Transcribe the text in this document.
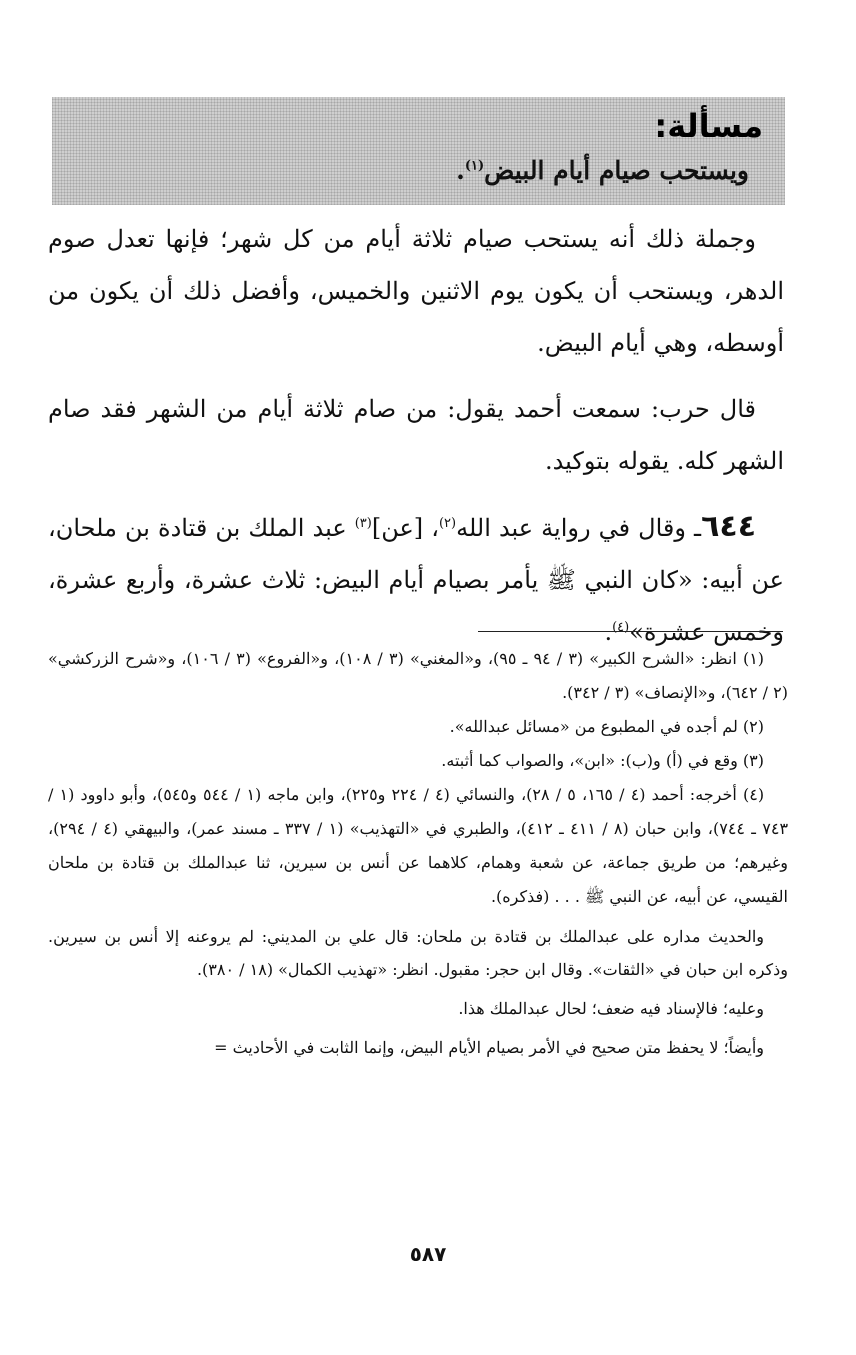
مسألة:
ويستحب صيام أيام البيض$^{(١)}$.

وجملة ذلك أنه يستحب صيام ثلاثة أيام من كل شهر؛ فإنها تعدل صوم الدهر، ويستحب أن يكون يوم الاثنين والخميس، وأفضل ذلك أن يكون من أوسطه، وهي أيام البيض.

قال حرب: سمعت أحمد يقول: من صام ثلاثة أيام من الشهر فقد صام الشهر كله. يقوله بتوكيد.

٦٤٤ـ وقال في رواية عبد الله$^{(٢)}$، [عن]$^{(٣)}$ عبد الملك بن قتادة بن ملحان، عن أبيه: «كان النبي ﷺ يأمر بصيام أيام البيض: ثلاث عشرة، وأربع عشرة، وخمس عشرة»$^{(٤)}$.

(١) انظر: «الشرح الكبير» (٣ / ٩٤ ـ ٩٥)، و«المغني» (٣ / ١٠٨)، و«الفروع» (٣ / ١٠٦)، و«شرح الزركشي» (٢ / ٦٤٢)، و«الإنصاف» (٣ / ٣٤٢).

(٢) لم أجده في المطبوع من «مسائل عبدالله».

(٣) وقع في (أ) و(ب): «ابن»، والصواب كما أثبته.

(٤) أخرجه: أحمد (٤ / ١٦٥، ٥ / ٢٨)، والنسائي (٤ / ٢٢٤ و٢٢٥)، وابن ماجه (١ / ٥٤٤ و٥٤٥)، وأبو داوود (١ / ٧٤٣ ـ ٧٤٤)، وابن حبان (٨ / ٤١١ ـ ٤١٢)، والطبري في «التهذيب» (١ / ٣٣٧ ـ مسند عمر)، والبيهقي (٤ / ٢٩٤)، وغيرهم؛ من طريق جماعة، عن شعبة وهمام، كلاهما عن أنس بن سيرين، ثنا عبدالملك بن قتادة بن ملحان القيسي، عن أبيه، عن النبي ﷺ . . . (فذكره).

والحديث مداره على عبدالملك بن قتادة بن ملحان: قال علي بن المديني: لم يروعنه إلا أنس بن سيرين. وذكره ابن حبان في «الثقات». وقال ابن حجر: مقبول. انظر: «تهذيب الكمال» (١٨ / ٣٨٠).

وعليه؛ فالإسناد فيه ضعف؛ لحال عبدالملك هذا.

وأيضاً؛ لا يحفظ متن صحيح في الأمر بصيام الأيام البيض، وإنما الثابت في الأحاديث =

٥٨٧
